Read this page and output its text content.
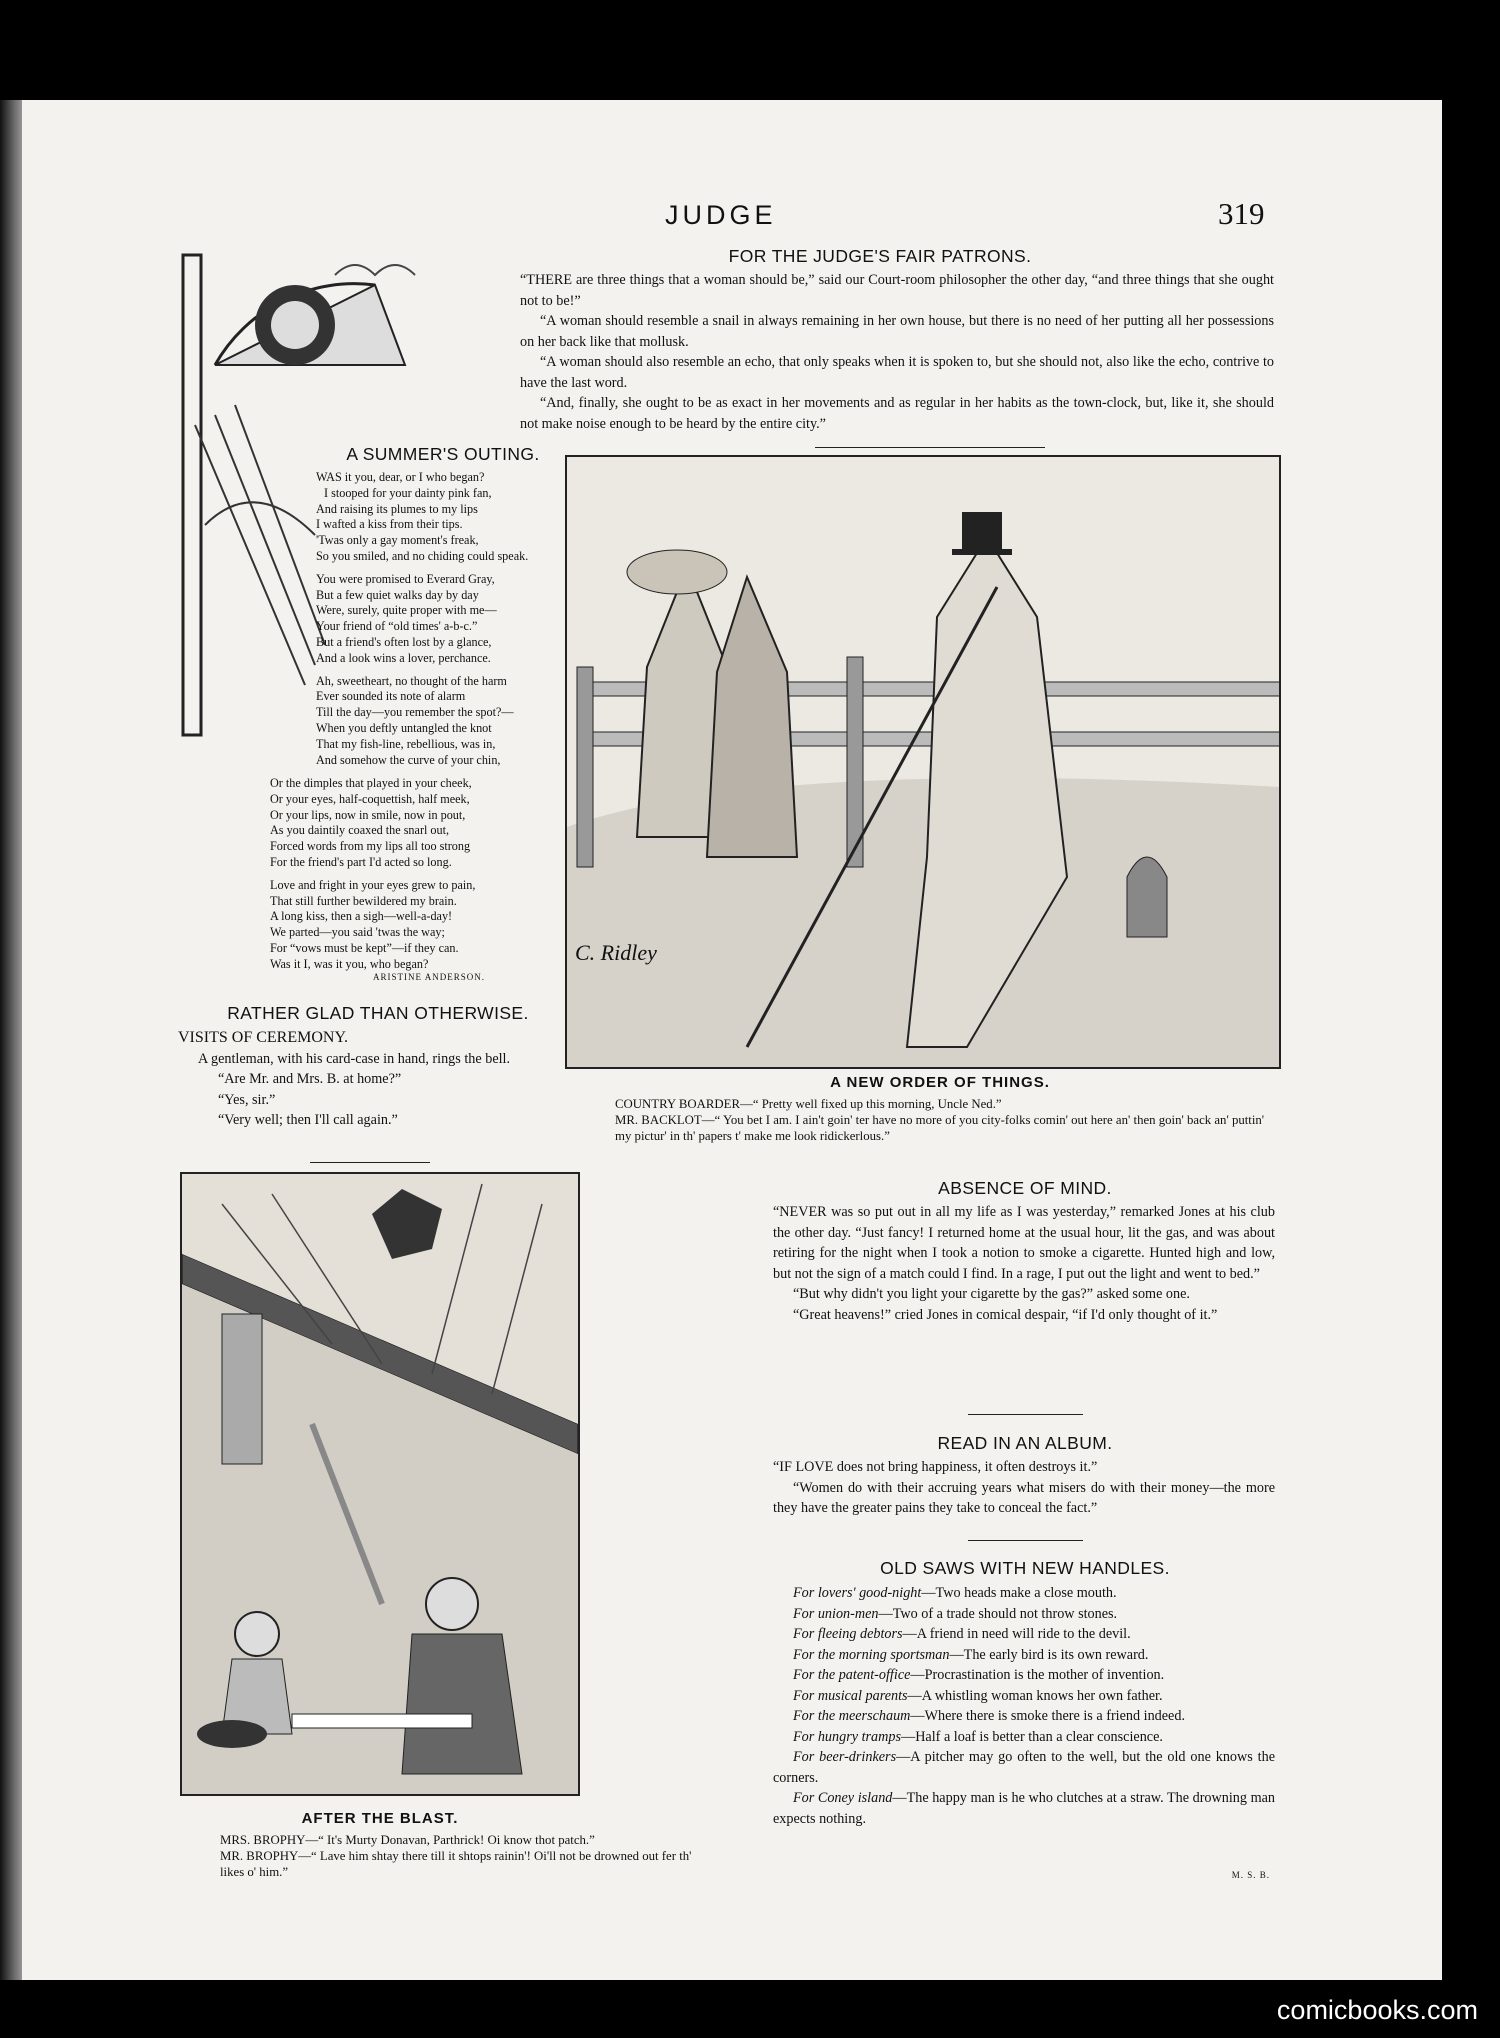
JUDGE	319
FOR THE JUDGE'S FAIR PATRONS.

“THERE are three things that a woman should be,” said our Court-room philosopher the other day, “and three things that she ought not to be!”

“A woman should resemble a snail in always remaining in her own house, but there is no need of her putting all her possessions on her back like that mollusk.

“A woman should also resemble an echo, that only speaks when it is spoken to, but she should not, also like the echo, contrive to have the last word.

“And, finally, she ought to be as exact in her movements and as regular in her habits as the town-clock, but, like it, she should not make noise enough to be heard by the entire city.”

A SUMMER'S OUTING.
WAS it you, dear, or I who began?
I stooped for your dainty pink fan,
And raising its plumes to my lips
I wafted a kiss from their tips.
'Twas only a gay moment's freak,
So you smiled, and no chiding could speak.
You were promised to Everard Gray,
But a few quiet walks day by day
Were, surely, quite proper with me—
Your friend of “old times' a-b-c.”
But a friend's often lost by a glance,
And a look wins a lover, perchance.
Ah, sweetheart, no thought of the harm
Ever sounded its note of alarm
Till the day—you remember the spot?—
When you deftly untangled the knot
That my fish-line, rebellious, was in,
And somehow the curve of your chin,
Or the dimples that played in your cheek,
Or your eyes, half-coquettish, half meek,
Or your lips, now in smile, now in pout,
As you daintily coaxed the snarl out,
Forced words from my lips all too strong
For the friend's part I'd acted so long.
Love and fright in your eyes grew to pain,
That still further bewildered my brain.
A long kiss, then a sigh—well-a-day!
We parted—you said 'twas the way;
For “vows must be kept”—if they can.
Was it I, was it you, who began?
ARISTINE ANDERSON.
RATHER GLAD THAN OTHERWISE.

VISITS OF CEREMONY.

A gentleman, with his card-case in hand, rings the bell.

“Are Mr. and Mrs. B. at home?”

“Yes, sir.”

“Very well; then I'll call again.”

C. Ridley
A NEW ORDER OF THINGS.
COUNTRY BOARDER—“ Pretty well fixed up this morning, Uncle Ned.”
MR. BACKLOT—“ You bet I am. I ain't goin' ter have no more of you city-folks comin' out here an' then goin' back an' puttin' my pictur' in th' papers t' make me look ridickerlous.”
AFTER THE BLAST.
MRS. BROPHY—“ It's Murty Donavan, Parthrick! Oi know thot patch.”
MR. BROPHY—“ Lave him shtay there till it shtops rainin'! Oi'll not be drowned out fer th' likes o' him.”
ABSENCE OF MIND.

“NEVER was so put out in all my life as I was yesterday,” remarked Jones at his club the other day. “Just fancy! I returned home at the usual hour, lit the gas, and was about retiring for the night when I took a notion to smoke a cigarette. Hunted high and low, but not the sign of a match could I find. In a rage, I put out the light and went to bed.”

“But why didn't you light your cigarette by the gas?” asked some one.

“Great heavens!” cried Jones in comical despair, “if I'd only thought of it.”

READ IN AN ALBUM.

“IF LOVE does not bring happiness, it often destroys it.”

“Women do with their accruing years what misers do with their money—the more they have the greater pains they take to conceal the fact.”

OLD SAWS WITH NEW HANDLES.

For lovers' good-night—Two heads make a close mouth.

For union-men—Two of a trade should not throw stones.

For fleeing debtors—A friend in need will ride to the devil.

For the morning sportsman—The early bird is its own reward.

For the patent-office—Procrastination is the mother of invention.

For musical parents—A whistling woman knows her own father.

For the meerschaum—Where there is smoke there is a friend indeed.

For hungry tramps—Half a loaf is better than a clear conscience.

For beer-drinkers—A pitcher may go often to the well, but the old one knows the corners.

For Coney island—The happy man is he who clutches at a straw. The drowning man expects nothing.

M. S. B.
comicbooks.com
